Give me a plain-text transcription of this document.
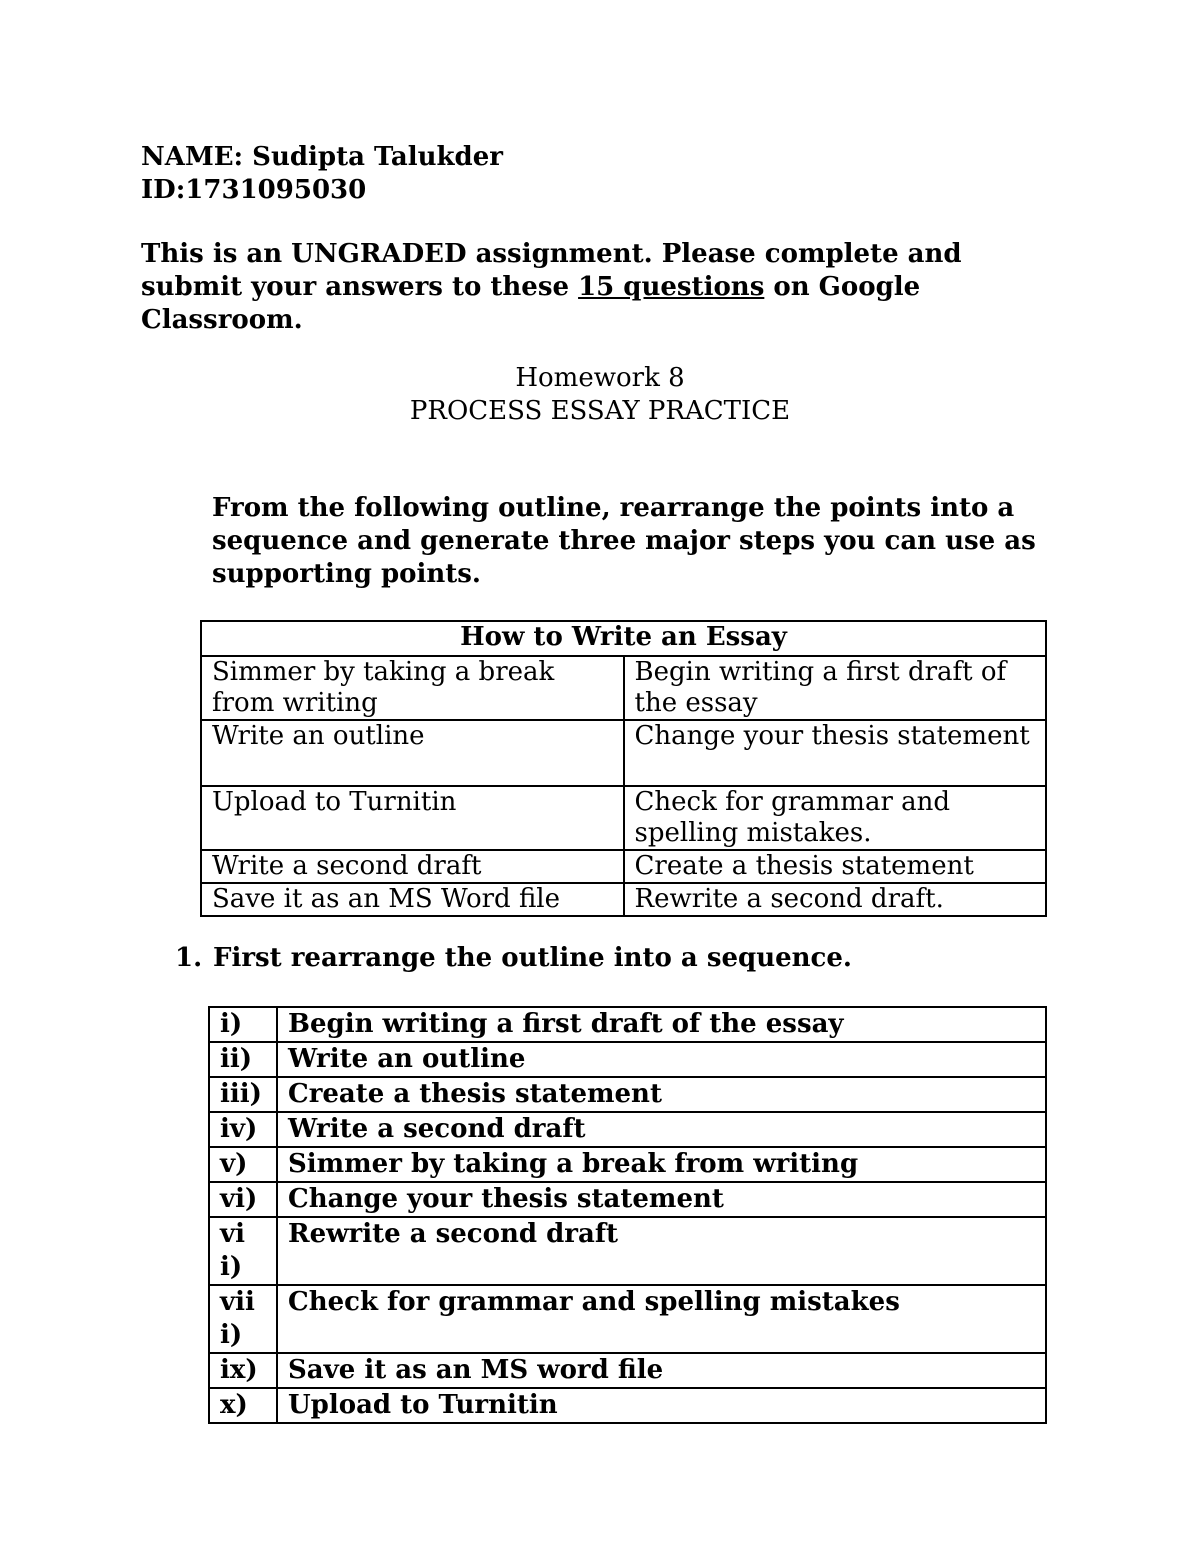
NAME: Sudipta Talukder
ID:1731095030
This is an UNGRADED assignment. Please complete and submit your answers to these 15 questions on Google Classroom.
Homework 8
PROCESS ESSAY PRACTICE
From the following outline, rearrange the points into a sequence and generate three major steps you can use as supporting points.
How to Write an Essay	
Simmer by taking a break from writing	Begin writing a first draft of the essay
Write an outline	Change your thesis statement
Upload to Turnitin	Check for grammar and spelling mistakes.
Write a second draft	Create a thesis statement
Save it as an MS Word file	Rewrite a second draft.
1. First rearrange the outline into a sequence.
i)	Begin writing a first draft of the essay
ii)	Write an outline
iii)	Create a thesis statement
iv)	Write a second draft
v)	Simmer by taking a break from writing
vi)	Change your thesis statement
vii)	Rewrite a second draft
viii)	Check for grammar and spelling mistakes
ix)	Save it as an MS word file
x)	Upload to Turnitin
